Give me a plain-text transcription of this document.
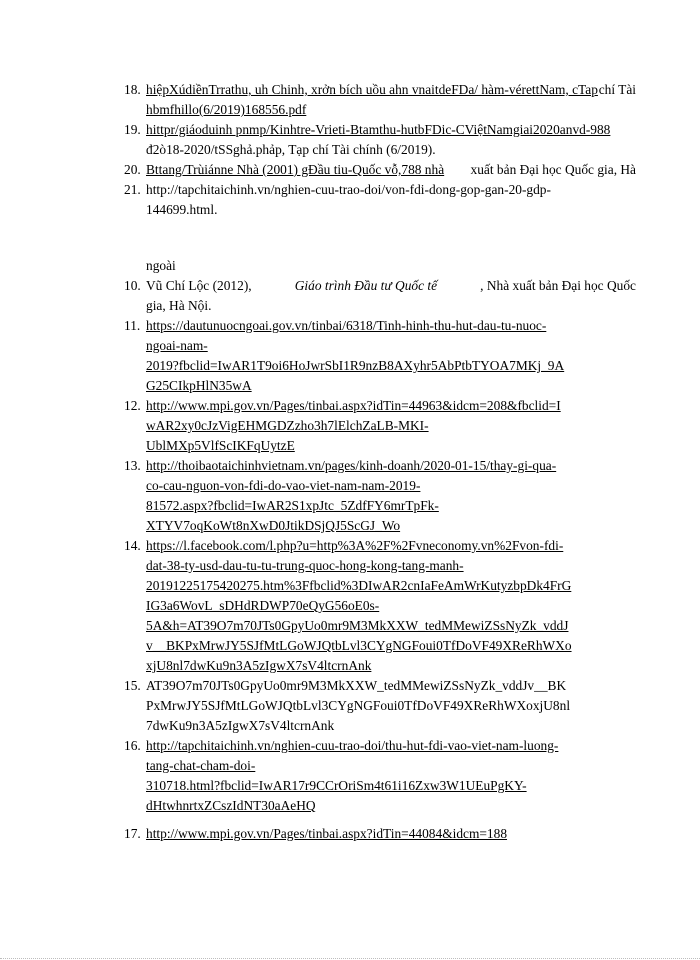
18. hiệpXúdiềnTrrathu, uh Chinh, xrởn bích uồu ahn vnaitdeFDa/ hàm-vérettNam, cTap chí Tài
hbmfhillo(6/2019)168556.pdf
19. hittpr/giáoduinh pnmp/Kinhtre-Vrieti-Btamthu-hutbFDic-CViệtNamgiai2020anvd-988
đ2ò18-2020/tSSghả.phảp, Tạp chí Tài chính (6/2019).
20. Bttang/Trùiánne Nhà (2001) gĐầu tiu-Quốc vỗ,788 nhà xuất bản Đại học Quốc gia, Hà
21. http://tapchitaichinh.vn/nghien-cuu-trao-doi/von-fdi-dong-gop-gan-20-gdp-
144699.html.
ngoài
10. Vũ Chí Lộc (2012),	Giáo trình Đầu tư Quốc tế	, Nhà xuất bản Đại học Quốc
gia, Hà Nội.
11. https://dautunuocngoai.gov.vn/tinbai/6318/Tinh-hinh-thu-hut-dau-tu-nuoc-
ngoai-nam-
2019?fbclid=IwAR1T9oi6HoJwrSbI1R9nzB8AXyhr5AbPtbTYOA7MKj_9A
G25CIkpHlN35wA
12. http://www.mpi.gov.vn/Pages/tinbai.aspx?idTin=44963&idcm=208&fbclid=I
wAR2xy0cJzVigEHMGDZzho3h7lElchZaLB-MKI-
UblMXp5VlfScIKFqUytzE
13. http://thoibaotaichinhvietnam.vn/pages/kinh-doanh/2020-01-15/thay-gi-qua-
co-cau-nguon-von-fdi-do-vao-viet-nam-nam-2019-
81572.aspx?fbclid=IwAR2S1xpJtc_5ZdfFY6mrTpFk-
XTYV7oqKoWt8nXwD0JtikDSjQJ5ScGJ_Wo
14. https://l.facebook.com/l.php?u=http%3A%2F%2Fvneconomy.vn%2Fvon-fdi-
dat-38-ty-usd-dau-tu-tu-trung-quoc-hong-kong-tang-manh-
20191225175420275.htm%3Ffbclid%3DIwAR2cnIaFeAmWrKutyzbpDk4FrG
IG3a6WovL_sDHdRDWP70eQyG56oE0s-
5A&h=AT39O7m70JTs0GpyUo0mr9M3MkXXW_tedMMewiZSsNyZk_vddJ
v__BKPxMrwJY5SJfMtLGoWJQtbLvl3CYgNGFoui0TfDoVF49XReRhWXo
xjU8nl7dwKu9n3A5zIgwX7sV4ltcrnAnk
15. AT39O7m70JTs0GpyUo0mr9M3MkXXW_tedMMewiZSsNyZk_vddJv__BK
PxMrwJY5SJfMtLGoWJQtbLvl3CYgNGFoui0TfDoVF49XReRhWXoxjU8nl
7dwKu9n3A5zIgwX7sV4ltcrnAnk
16. http://tapchitaichinh.vn/nghien-cuu-trao-doi/thu-hut-fdi-vao-viet-nam-luong-
tang-chat-cham-doi-
310718.html?fbclid=IwAR17r9CCrOriSm4t61i16Zxw3W1UEuPgKY-
dHtwhnrtxZCszIdNT30aAeHQ
17. http://www.mpi.gov.vn/Pages/tinbai.aspx?idTin=44084&idcm=188
